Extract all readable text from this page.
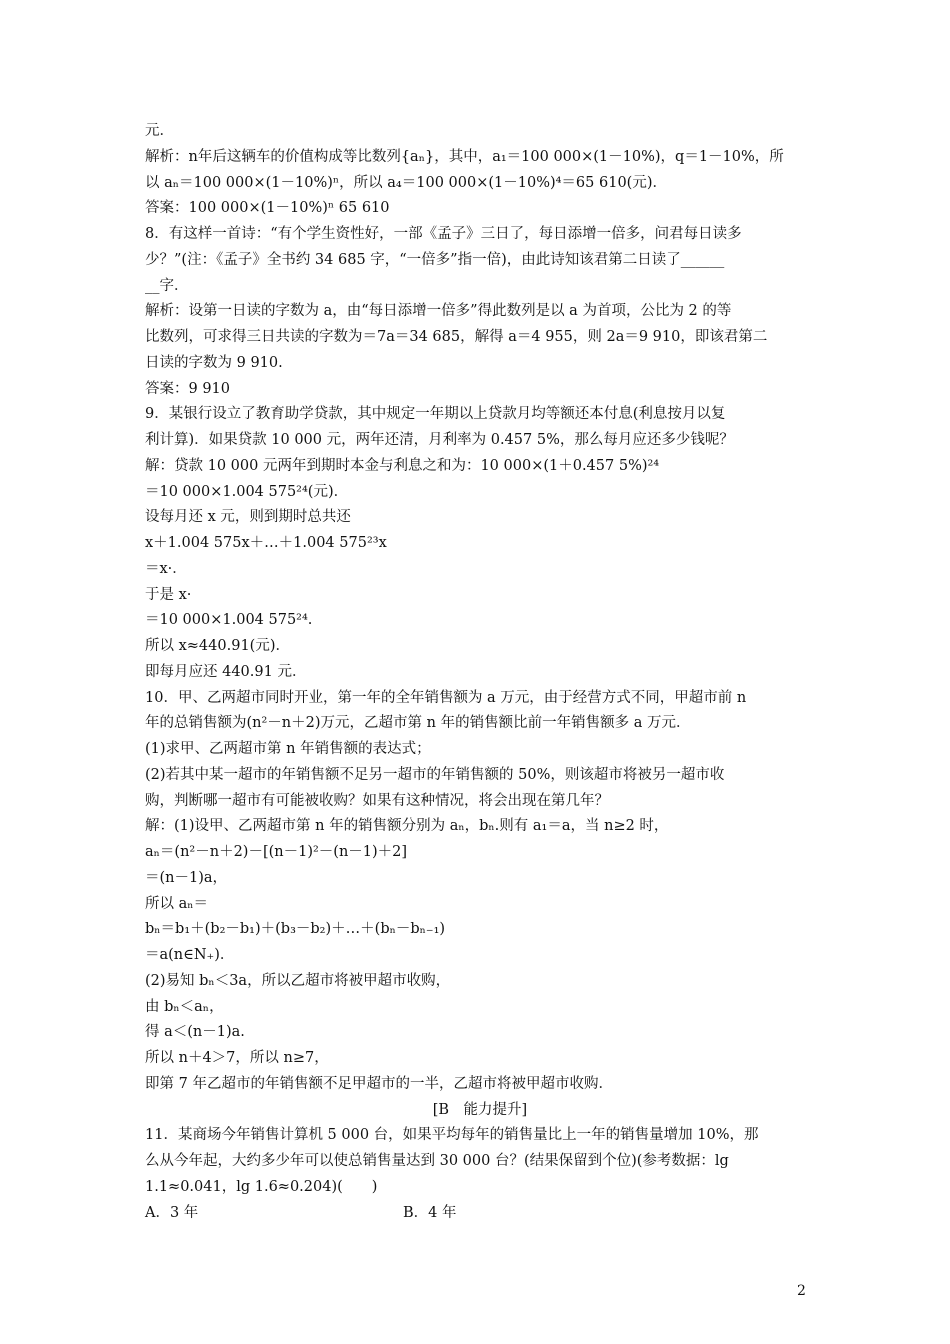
元．
解析：n年后这辆车的价值构成等比数列{aₙ}，其中，a₁＝100 000×(1－10%)，q＝1－10%，所
以 aₙ＝100 000×(1－10%)ⁿ，所以 a₄＝100 000×(1－10%)⁴＝65 610(元)．
答案：100 000×(1－10%)ⁿ 65 610
8．有这样一首诗：“有个学生资性好，一部《孟子》三日了，每日添增一倍多，问君每日读多
少？”(注：《孟子》全书约 34 685 字，“一倍多”指一倍)，由此诗知该君第二日读了______
__字．
解析：设第一日读的字数为 a，由“每日添增一倍多”得此数列是以 a 为首项，公比为 2 的等
比数列，可求得三日共读的字数为＝7a＝34 685，解得 a＝4 955，则 2a＝9 910，即该君第二
日读的字数为 9 910.
答案：9 910
9．某银行设立了教育助学贷款，其中规定一年期以上贷款月均等额还本付息(利息按月以复
利计算)．如果贷款 10 000 元，两年还清，月利率为 0.457 5%，那么每月应还多少钱呢？
解：贷款 10 000 元两年到期时本金与利息之和为：10 000×(1＋0.457 5%)²⁴
＝10 000×1.004 575²⁴(元)．
设每月还 x 元，则到期时总共还
x＋1.004 575x＋…＋1.004 575²³x
＝x·．
于是 x·
＝10 000×1.004 575²⁴.
所以 x≈440.91(元)．
即每月应还 440.91 元．
10．甲、乙两超市同时开业，第一年的全年销售额为 a 万元，由于经营方式不同，甲超市前 n
年的总销售额为(n²－n＋2)万元，乙超市第 n 年的销售额比前一年销售额多 a 万元．
(1)求甲、乙两超市第 n 年销售额的表达式；
(2)若其中某一超市的年销售额不足另一超市的年销售额的 50%，则该超市将被另一超市收
购，判断哪一超市有可能被收购？如果有这种情况，将会出现在第几年？
解：(1)设甲、乙两超市第 n 年的销售额分别为 aₙ，bₙ.则有 a₁＝a，当 n≥2 时，
aₙ＝(n²－n＋2)－[(n－1)²－(n－1)＋2]
＝(n－1)a，
所以 aₙ＝
bₙ＝b₁＋(b₂－b₁)＋(b₃－b₂)＋…＋(bₙ－bₙ₋₁)
＝a(n∈N₊)．
(2)易知 bₙ＜3a，所以乙超市将被甲超市收购，
由 bₙ＜aₙ，
得 a＜(n－1)a.
所以 n＋4＞7，所以 n≥7，
即第 7 年乙超市的年销售额不足甲超市的一半，乙超市将被甲超市收购．
[B　能力提升]
11．某商场今年销售计算机 5 000 台，如果平均每年的销售量比上一年的销售量增加 10%，那
么从今年起，大约多少年可以使总销售量达到 30 000 台？(结果保留到个位)(参考数据：lg
1.1≈0.041，lg 1.6≈0.204)(　　)
A．3 年	B．4 年
2
